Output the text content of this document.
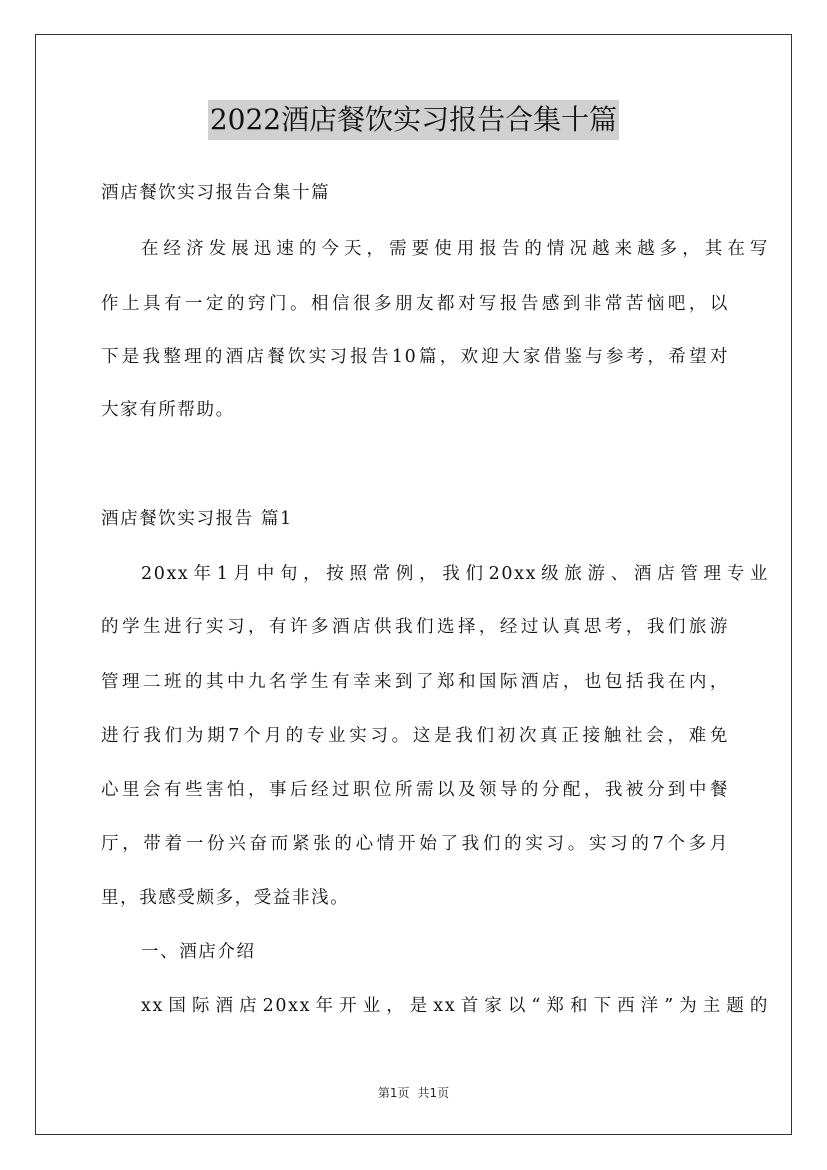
2022酒店餐饮实习报告合集十篇
酒店餐饮实习报告合集十篇
在经济发展迅速的今天，需要使用报告的情况越来越多，其在写
作上具有一定的窍门。相信很多朋友都对写报告感到非常苦恼吧，以
下是我整理的酒店餐饮实习报告10篇，欢迎大家借鉴与参考，希望对
大家有所帮助。
酒店餐饮实习报告 篇1
20xx年1月中旬，按照常例，我们20xx级旅游、酒店管理专业
的学生进行实习，有许多酒店供我们选择，经过认真思考，我们旅游
管理二班的其中九名学生有幸来到了郑和国际酒店，也包括我在内，
进行我们为期7个月的专业实习。这是我们初次真正接触社会，难免
心里会有些害怕，事后经过职位所需以及领导的分配，我被分到中餐
厅，带着一份兴奋而紧张的心情开始了我们的实习。实习的7个多月
里，我感受颇多，受益非浅。
一、酒店介绍
xx国际酒店20xx年开业，是xx首家以“郑和下西洋”为主题的
第1页 共1页
